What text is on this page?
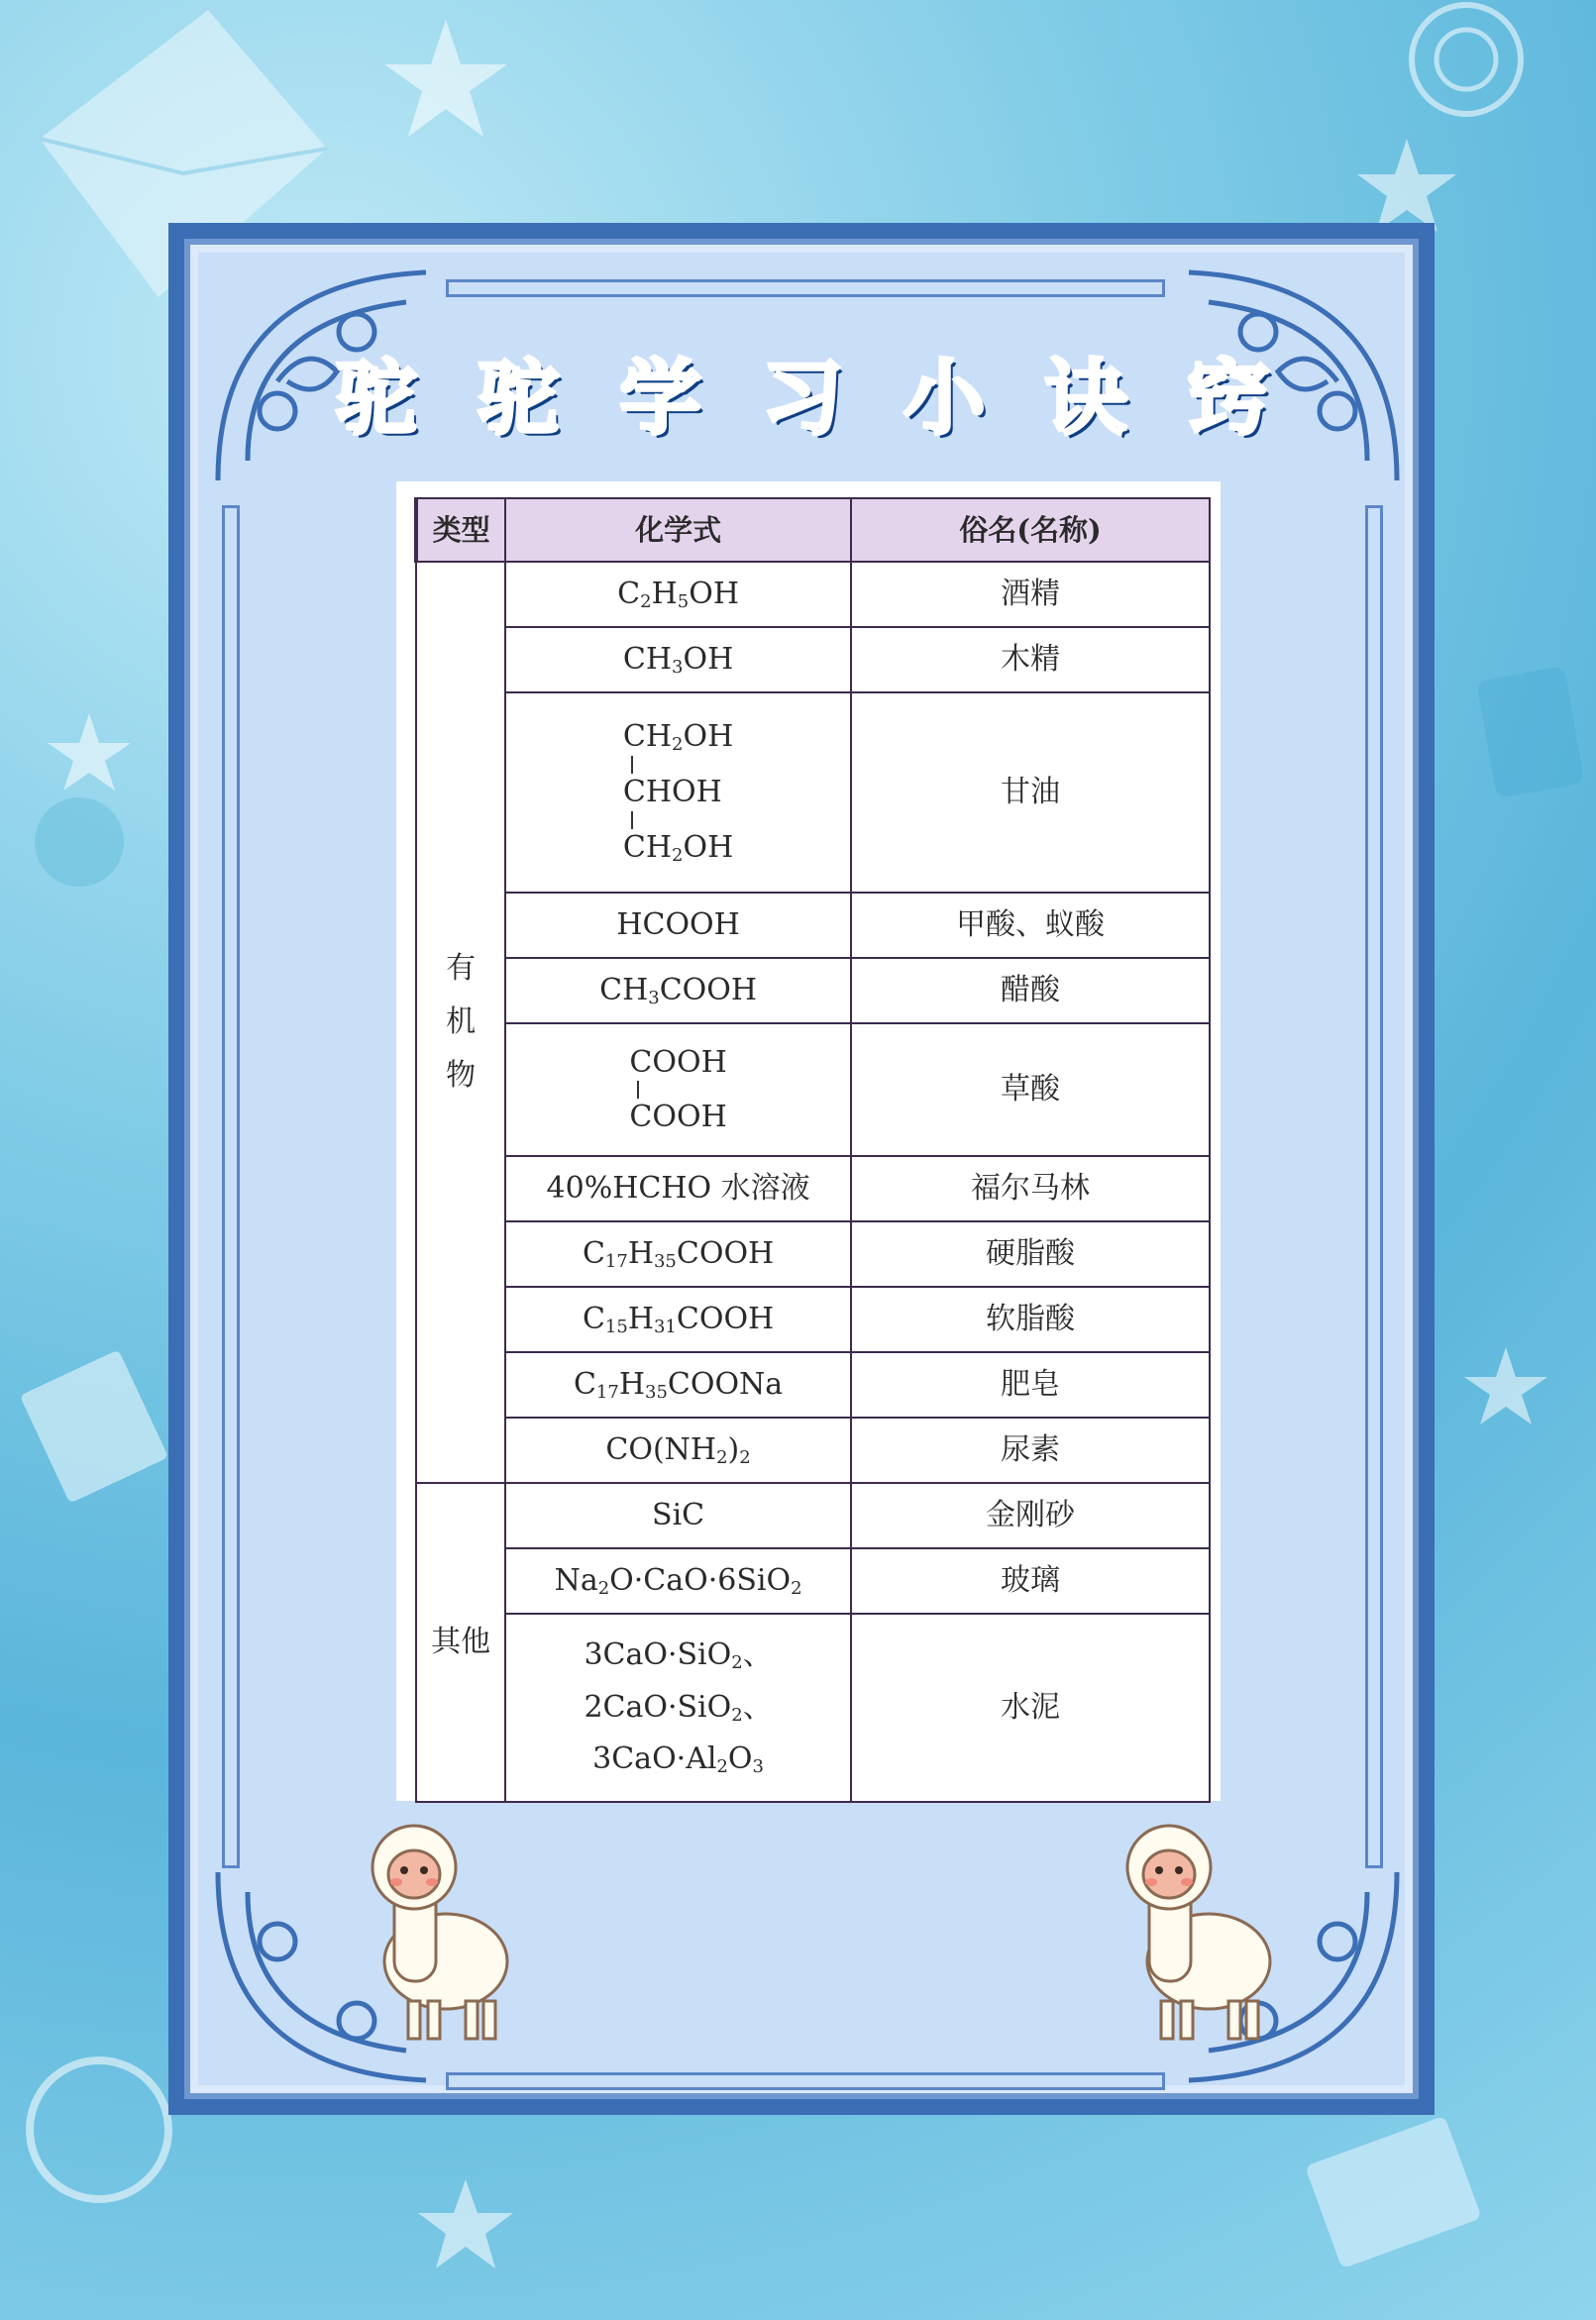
驼 驼 学 习 小 诀 窍
类型	化学式	俗名(名称)
有
机
物	$C_2H_5OH$	酒精
	$CH_3OH$	木精
	$CH_2OH$
CHOH
$CH_2OH$	甘油
	HCOOH	甲酸、蚁酸
	$CH_3COOH$	醋酸
	COOH
COOH	草酸
	40%HCHO 水溶液	福尔马林
	$C_{17}H_{35}COOH$	硬脂酸
	$C_{15}H_{31}COOH$	软脂酸
	$C_{17}H_{35}COONa$	肥皂
	$CO(NH_2)_2$	尿素
其他	SiC	金刚砂
	$Na_2O\cdot CaO\cdot 6SiO_2$	玻璃
	3CaO·SiO$_2$、
2CaO·SiO$_2$、
$3CaO\cdot Al_2O_3$	水泥
